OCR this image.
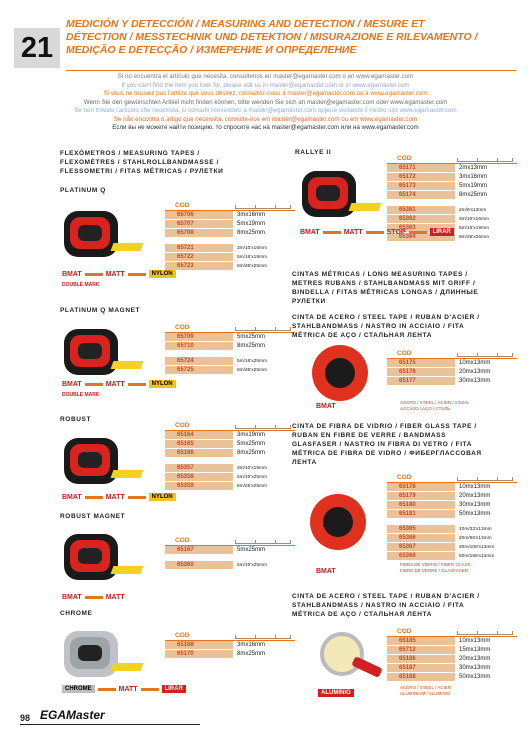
21
MEDICIÓN Y DETECCIÓN / MEASURING AND DETECTION / MESURE ET
DÉTECTION / MESSTECHNIK UND DETEKTION / MISURAZIONE E RILEVAMENTO /
MEDIÇÃO E DETECÇÃO / ИЗМЕРЕНИЕ И ОПРЕДЕЛЕНИЕ
Si no encuentra el artículo que necesita, consúltenos en master@egamaster.com o en www.egamaster.com
If you can't find the item you look for, please ask us in master@egamaster.com or in www.egamaster.com
Si vous ne trouvez pas l'article que vous désirez, consultez-nous à master@egamaster.com ou à www.egamaster.com
Wenn Sie den gewünschten Artikel nicht finden können, bitte wenden Sie sich an master@egamaster.com oder www.egamaster.com
Se non trovate l'articolo che necessita, ci consulti scrivendoci a master@egamaster.com oppure visitando il nostro sito www.egamaster.com
Se não encontra o artigo que necessita, consulte-nos em master@egamaster.com ou em www.egamaster.com
Если вы не можете найти позицию, то спросите нас на master@egamaster.com или на www.egamaster.com
FLEXÓMETROS / MEASURING TAPES /
FLEXOMÈTRES / STAHLROLLBANDMASSE /
FLESSOMETRI / FITAS MÉTRICAS / РУЛЕТКИ
PLATINUM Q
COD
65706	3mx16mm
65707	5mx19mm
65708	8mx25mm
65721	3m/10'x16mm
65722	5m/16'x19mm
65723	8m/26'x25mm
BMAT	MATT	NYLON
DOUBLE MARK
PLATINUM Q MAGNET
COD
65709	5mx25mm
65710	8mx25mm
65724	5m/16'x25mm
65725	8m/26'x25mm
BMAT	MATT	NYLON
DOUBLE MARK
ROBUST
COD
65164	3mx19mm
65165	5mx25mm
65166	8mx25mm
65357	3m/10'x19mm
65358	5m/16'x25mm
65359	8m/26'x25mm
BMAT	MATT	NYLON
ROBUST MAGNET
COD
65167	5mx25mm
65360	5m/16'x25mm
BMAT	MATT
CHROME
COD
65168	3mx16mm
65170	8mx25mm
CHROME	MATT	LIRAR
RALLYE II
COD
65171	2mx13mm
65172	3mx16mm
65173	5mx19mm
65174	8mx25mm
65361	2m/6'x13mm
65362	3m/10'x16mm
65363	5m/16'x19mm
65364	8m/26'x25mm
BMAT	MATT	STOP	LIRAR
CINTAS MÉTRICAS / LONG MEASURING TAPES /
METRES RUBANS / STAHLBANDMASS MIT GRIFF /
BINDELLA / FITAS MÉTRICAS LONGAS / ДЛИННЫЕ
РУЛЕТКИ
CINTA DE ACERO / STEEL TAPE / RUBAN D'ACIER /
STAHLBANDMASS / NASTRO IN ACCIAIO / FITA
MÉTRICA DE AÇO / СТАЛЬНАЯ ЛЕНТА
COD
65175	10mx13mm
65176	20mx13mm
65177	30mx13mm
BMAT
ACERO / STEEL / ACIER / STAHL
ACCIAIO / AÇO / СТАЛЬ
CINTA DE FIBRA DE VIDRIO / FIBER GLASS TAPE /
RUBAN EN FIBRE DE VERRE / BANDMASS
GLASFASER / NASTRO IN FIBRA DI VETRO / FITA
MÉTRICA DE FIBRA DE VIDRO / ФИБЕРГЛАССОВАЯ
ЛЕНТА
COD
65178	10mx13mm
65179	20mx13mm
65180	30mx13mm
65181	50mx13mm
65365	10m/33'x13mm
65366	20m/66'x13mm
65367	30m/100'x13mm
65368	50m/165'x13mm
BMAT
FIBRA DE VIDRIO / FIBER GLASS
FIBRE DE VERRE / GLASFASER
CINTA DE ACERO / STEEL TAPE / RUBAN D'ACIER /
STAHLBANDMASS / NASTRO IN ACCIAIO / FITA
MÉTRICA DE AÇO / СТАЛЬНАЯ ЛЕНТА
COD
65185	10mx13mm
65712	15mx13mm
65186	20mx13mm
65187	30mx13mm
65188	50mx13mm
ALUMINIO
ACERO / STEEL / ACIER
ALUMINIUM / ALUMINIO
98 EGAMaster
